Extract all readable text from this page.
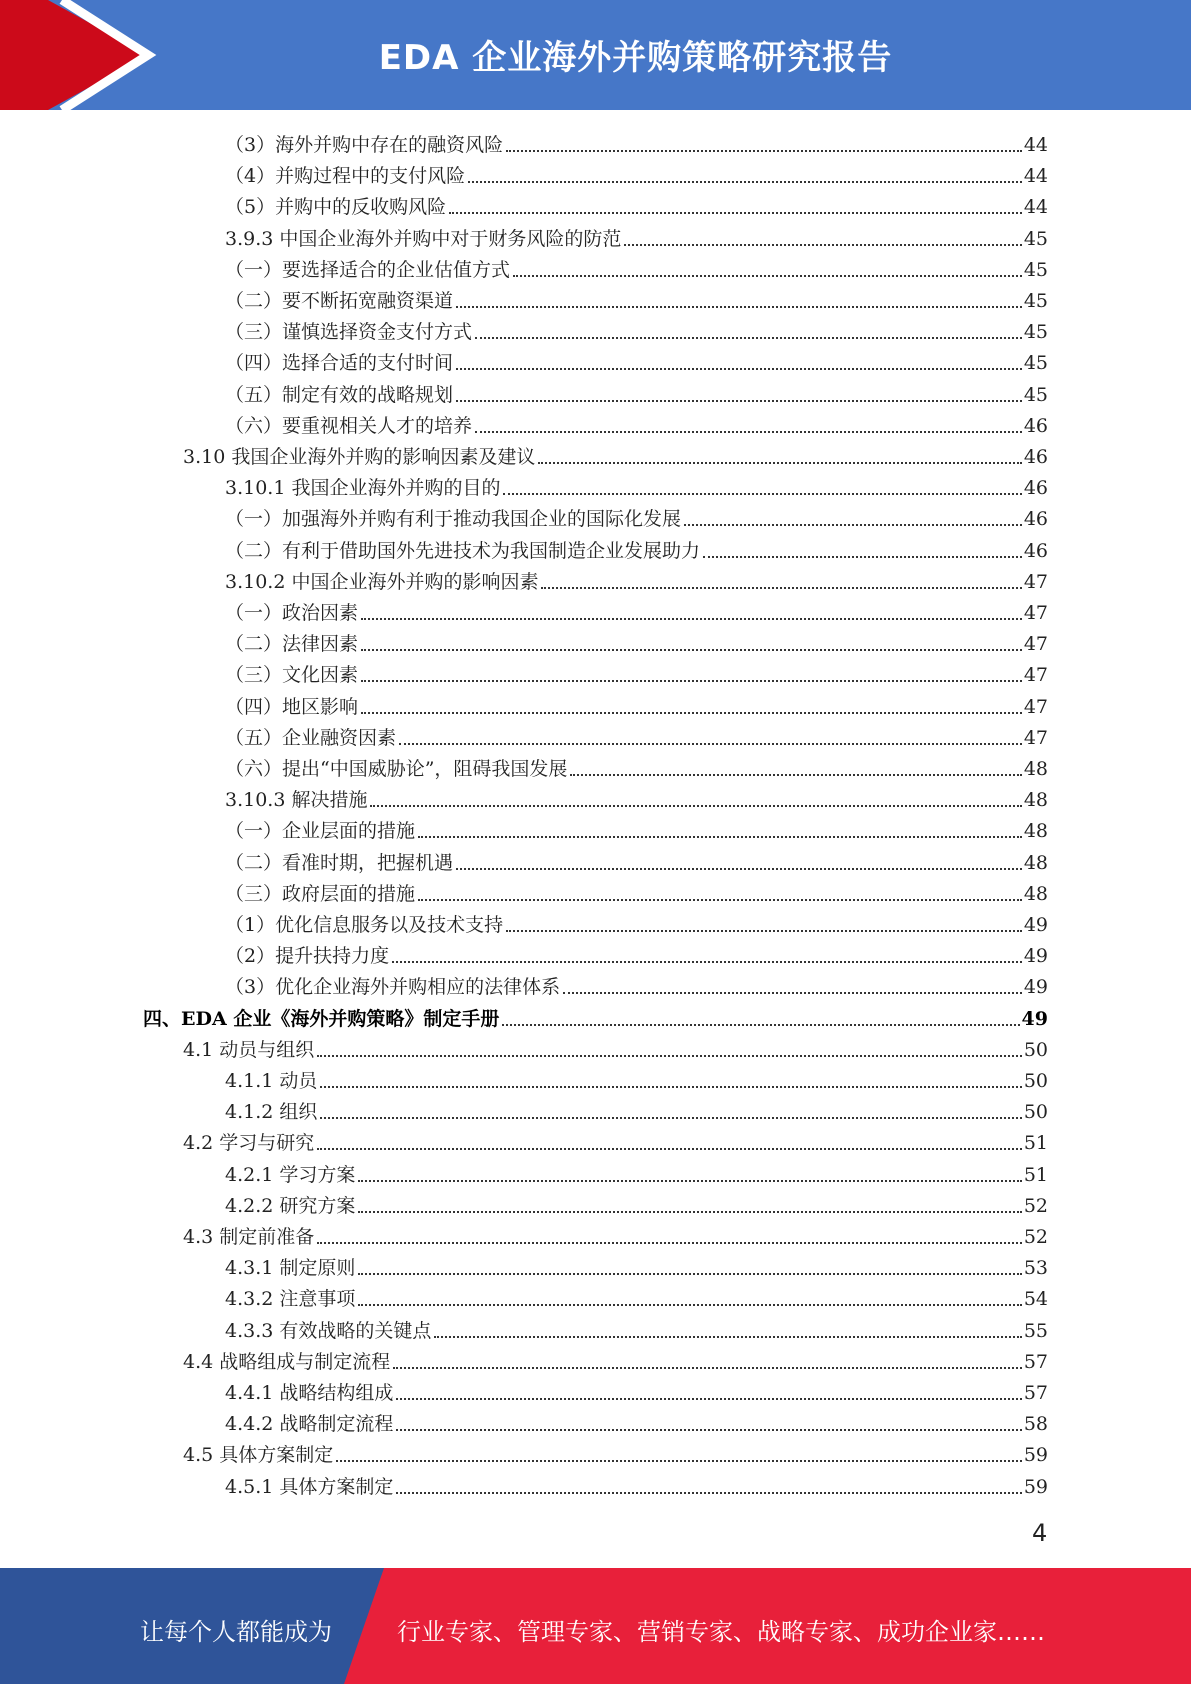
EDA 企业海外并购策略研究报告
（3）海外并购中存在的融资风险	44
（4）并购过程中的支付风险	44
（5）并购中的反收购风险	44
3.9.3 中国企业海外并购中对于财务风险的防范	45
（一）要选择适合的企业估值方式	45
（二）要不断拓宽融资渠道	45
（三）谨慎选择资金支付方式	45
（四）选择合适的支付时间	45
（五）制定有效的战略规划	45
（六）要重视相关人才的培养	46
3.10 我国企业海外并购的影响因素及建议	46
3.10.1 我国企业海外并购的目的	46
（一）加强海外并购有利于推动我国企业的国际化发展	46
（二）有利于借助国外先进技术为我国制造企业发展助力	46
3.10.2 中国企业海外并购的影响因素	47
（一）政治因素	47
（二）法律因素	47
（三）文化因素	47
（四）地区影响	47
（五）企业融资因素	47
（六）提出“中国威胁论”，阻碍我国发展	48
3.10.3 解决措施	48
（一）企业层面的措施	48
（二）看准时期，把握机遇	48
（三）政府层面的措施	48
（1）优化信息服务以及技术支持	49
（2）提升扶持力度	49
（3）优化企业海外并购相应的法律体系	49
四、EDA 企业《海外并购策略》制定手册	49
4.1 动员与组织	50
4.1.1 动员	50
4.1.2 组织	50
4.2 学习与研究	51
4.2.1 学习方案	51
4.2.2 研究方案	52
4.3 制定前准备	52
4.3.1 制定原则	53
4.3.2 注意事项	54
4.3.3 有效战略的关键点	55
4.4 战略组成与制定流程	57
4.4.1 战略结构组成	57
4.4.2 战略制定流程	58
4.5 具体方案制定	59
4.5.1 具体方案制定	59
4
让每个人都能成为	行业专家、管理专家、营销专家、战略专家、成功企业家……
